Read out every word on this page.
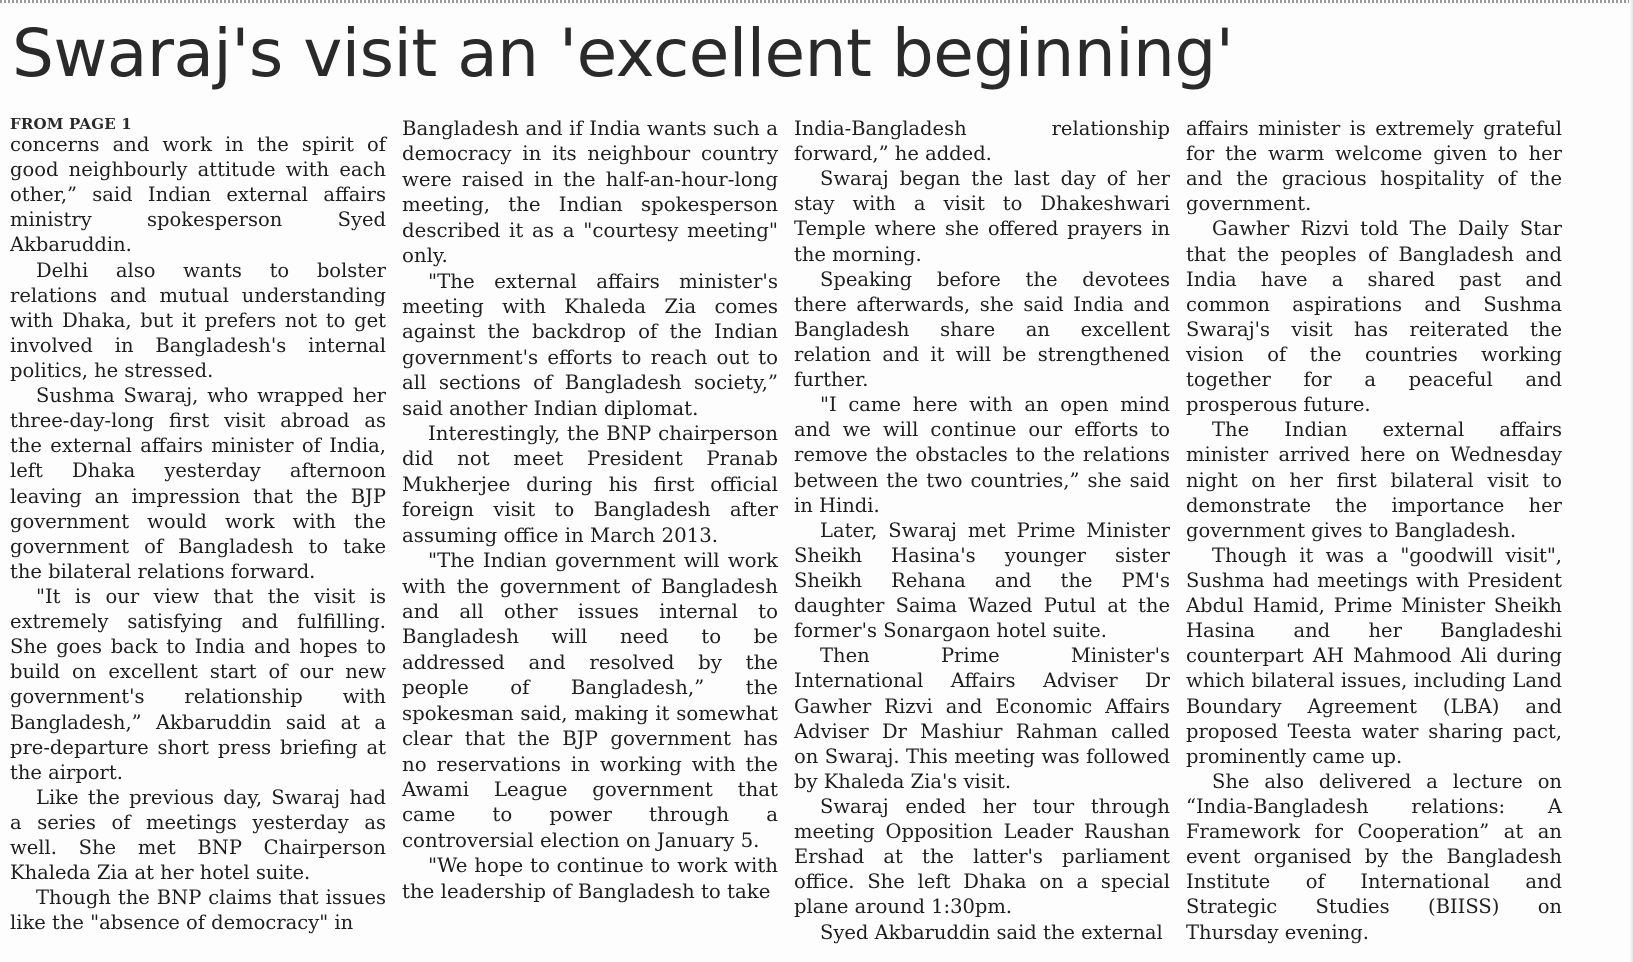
Swaraj's visit an 'excellent beginning'

FROM PAGE 1

concerns and work in the spirit of good neighbourly attitude with each other,” said Indian external affairs ministry spokesperson Syed Akbaruddin.

Delhi also wants to bolster relations and mutual understanding with Dhaka, but it prefers not to get involved in Bangladesh's internal politics, he stressed.

Sushma Swaraj, who wrapped her three-day-long first visit abroad as the external affairs minister of India, left Dhaka yesterday afternoon leaving an impression that the BJP government would work with the government of Bangladesh to take the bilateral relations forward.

"It is our view that the visit is extremely satisfying and fulfilling. She goes back to India and hopes to build on excellent start of our new government's relationship with Bangladesh,” Akbaruddin said at a pre-departure short press briefing at the airport.

Like the previous day, Swaraj had a series of meetings yesterday as well. She met BNP Chairperson Khaleda Zia at her hotel suite.

Though the BNP claims that issues like the "absence of democracy" in

Bangladesh and if India wants such a democracy in its neighbour country were raised in the half-an-hour-long meeting, the Indian spokesperson described it as a "courtesy meeting" only.

"The external affairs minister's meeting with Khaleda Zia comes against the backdrop of the Indian government's efforts to reach out to all sections of Bangladesh society,” said another Indian diplomat.

Interestingly, the BNP chairperson did not meet President Pranab Mukherjee during his first official foreign visit to Bangladesh after assuming office in March 2013.

"The Indian government will work with the government of Bangladesh and all other issues internal to Bangladesh will need to be addressed and resolved by the people of Bangladesh,” the spokesman said, making it somewhat clear that the BJP government has no reservations in working with the Awami League government that came to power through a controversial election on January 5.

"We hope to continue to work with the leadership of Bangladesh to take

India-Bangladesh relationship forward,” he added.

Swaraj began the last day of her stay with a visit to Dhakeshwari Temple where she offered prayers in the morning.

Speaking before the devotees there afterwards, she said India and Bangladesh share an excellent relation and it will be strengthened further.

"I came here with an open mind and we will continue our efforts to remove the obstacles to the relations between the two countries,” she said in Hindi.

Later, Swaraj met Prime Minister Sheikh Hasina's younger sister Sheikh Rehana and the PM's daughter Saima Wazed Putul at the former's Sonargaon hotel suite.

Then Prime Minister's International Affairs Adviser Dr Gawher Rizvi and Economic Affairs Adviser Dr Mashiur Rahman called on Swaraj. This meeting was followed by Khaleda Zia's visit.

Swaraj ended her tour through meeting Opposition Leader Raushan Ershad at the latter's parliament office. She left Dhaka on a special plane around 1:30pm.

Syed Akbaruddin said the external

affairs minister is extremely grateful for the warm welcome given to her and the gracious hospitality of the government.

Gawher Rizvi told The Daily Star that the peoples of Bangladesh and India have a shared past and common aspirations and Sushma Swaraj's visit has reiterated the vision of the countries working together for a peaceful and prosperous future.

The Indian external affairs minister arrived here on Wednesday night on her first bilateral visit to demonstrate the importance her government gives to Bangladesh.

Though it was a "goodwill visit", Sushma had meetings with President Abdul Hamid, Prime Minister Sheikh Hasina and her Bangladeshi counterpart AH Mahmood Ali during which bilateral issues, including Land Boundary Agreement (LBA) and proposed Teesta water sharing pact, prominently came up.

She also delivered a lecture on “India-Bangladesh relations: A Framework for Cooperation” at an event organised by the Bangladesh Institute of International and Strategic Studies (BIISS) on Thursday evening.
